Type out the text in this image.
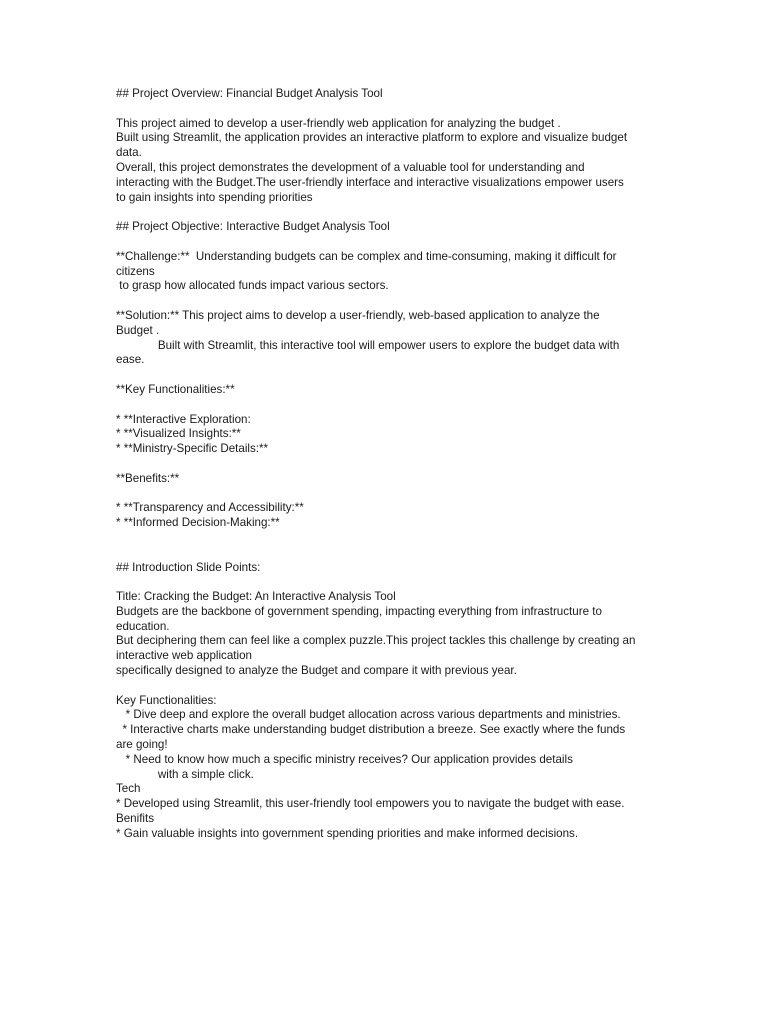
## Project Overview: Financial Budget Analysis Tool
This project aimed to develop a user-friendly web application for analyzing the budget .
Built using Streamlit, the application provides an interactive platform to explore and visualize budget
data.
Overall, this project demonstrates the development of a valuable tool for understanding and
interacting with the Budget.The user-friendly interface and interactive visualizations empower users
to gain insights into spending priorities
## Project Objective: Interactive Budget Analysis Tool
**Challenge:**  Understanding budgets can be complex and time-consuming, making it difficult for
citizens
to grasp how allocated funds impact various sectors.
**Solution:** This project aims to develop a user-friendly, web-based application to analyze the
Budget .
Built with Streamlit, this interactive tool will empower users to explore the budget data with
ease.
**Key Functionalities:**
* **Interactive Exploration:
* **Visualized Insights:**
* **Ministry-Specific Details:**
**Benefits:**
* **Transparency and Accessibility:**
* **Informed Decision-Making:**
## Introduction Slide Points:
Title: Cracking the Budget: An Interactive Analysis Tool
Budgets are the backbone of government spending, impacting everything from infrastructure to
education.
But deciphering them can feel like a complex puzzle.This project tackles this challenge by creating an
interactive web application
specifically designed to analyze the Budget and compare it with previous year.
Key Functionalities:
* Dive deep and explore the overall budget allocation across various departments and ministries.
* Interactive charts make understanding budget distribution a breeze. See exactly where the funds
are going!
* Need to know how much a specific ministry receives? Our application provides details
with a simple click.
Tech
* Developed using Streamlit, this user-friendly tool empowers you to navigate the budget with ease.
Benifits
* Gain valuable insights into government spending priorities and make informed decisions.
